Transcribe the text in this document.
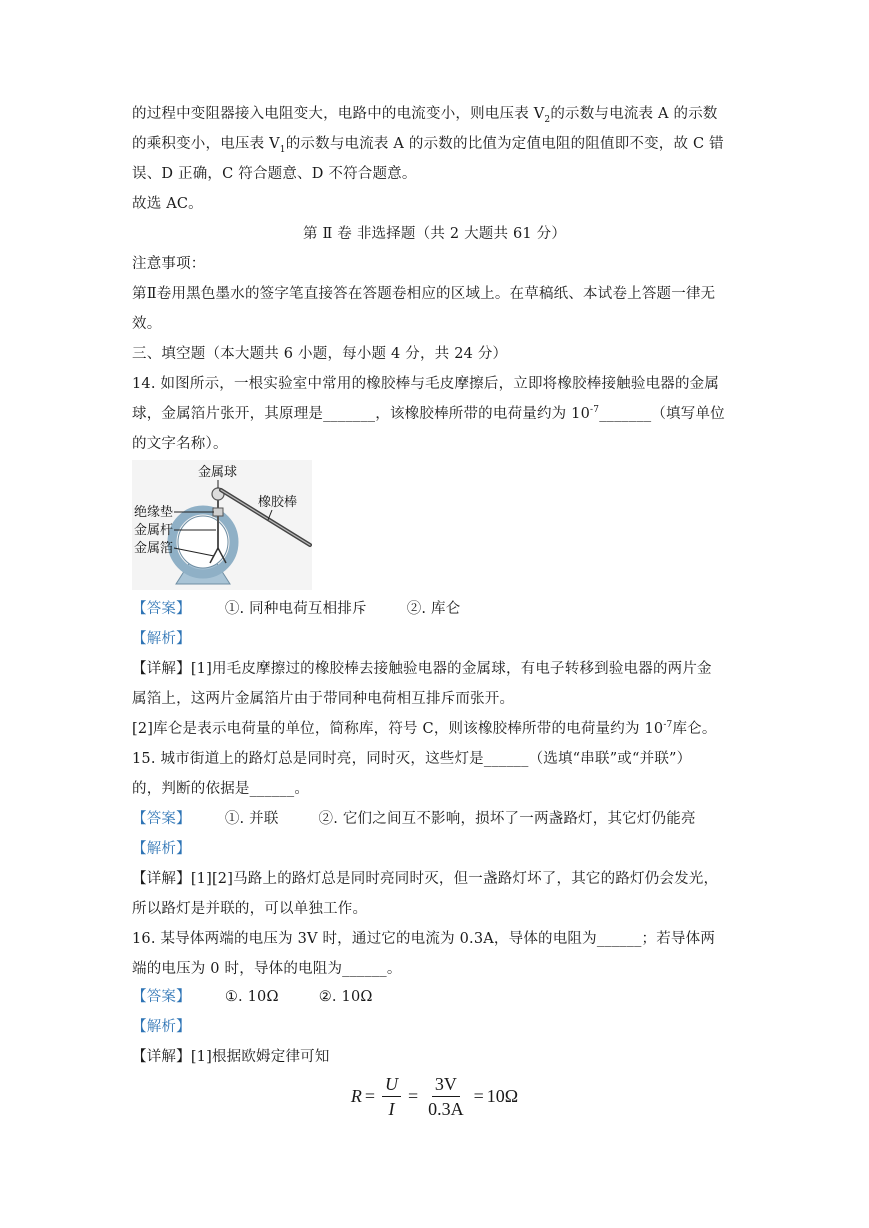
的过程中变阻器接入电阻变大，电路中的电流变小，则电压表 $V_2$的示数与电流表 A 的示数
的乘积变小，电压表 $V_1$的示数与电流表 A 的示数的比值为定值电阻的阻值即不变，故 C 错
误、D 正确，C 符合题意、D 不符合题意。
故选 AC。
第 Ⅱ 卷 非选择题（共 2 大题共 61 分）
注意事项：
第Ⅱ卷用黑色墨水的签字笔直接答在答题卷相应的区域上。在草稿纸、本试卷上答题一律无
效。
三、填空题（本大题共 6 小题，每小题 4 分，共 24 分）
14. 如图所示，一根实验室中常用的橡胶棒与毛皮摩擦后，立即将橡胶棒接触验电器的金属
球，金属箔片张开，其原理是_______，该橡胶棒所带的电荷量约为 $10^{-7}\_\_\_\_\_\_\_$（填写单位
的文字名称）。
金属球
橡胶棒
绝缘垫
金属杆
金属箔
【答案】 ①. 同种电荷互相排斥	②. 库仑
【解析】
【详解】[1]用毛皮摩擦过的橡胶棒去接触验电器的金属球，有电子转移到验电器的两片金
属箔上，这两片金属箔片由于带同种电荷相互排斥而张开。
[2]库仑是表示电荷量的单位，简称库，符号 C，则该橡胶棒所带的电荷量约为 $10^{-7}$库仑。
15. 城市街道上的路灯总是同时亮，同时灭，这些灯是______（选填“串联”或“并联”）
的，判断的依据是______。
【答案】 ①. 并联	②. 它们之间互不影响，损坏了一两盏路灯，其它灯仍能亮
【解析】
【详解】[1][2]马路上的路灯总是同时亮同时灭，但一盏路灯坏了，其它的路灯仍会发光，
所以路灯是并联的，可以单独工作。
16. 某导体两端的电压为 3V 时，通过它的电流为 0.3A，导体的电阻为______；若导体两
端的电压为 0 时，导体的电阻为______。
【答案】 ①. 10Ω	②. 10Ω
【解析】
【详解】[1]根据欧姆定律可知
$R = \frac{U}{I} = \frac{3V}{0.3A} = 10\Omega$
